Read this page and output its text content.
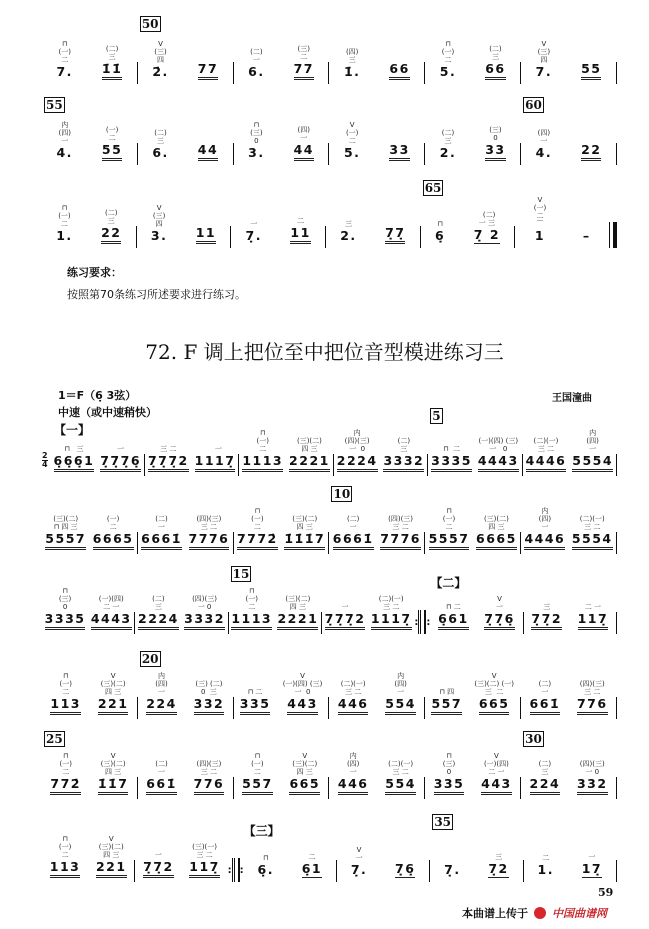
练习要求：
按照第70条练习所述要求进行练习。
72. F 调上把位至中把位音型模进练习三
1＝F（6̣ 3弦）	王国潼曲
中速（或中速稍快）
【一】
⊓
(一)
二
7.
(二)
三
1̇1̇
50
V
(三)
四
2̇. 77
(二)
一
6.
(三)
二
77
(四)
三
1̇. 66
⊓
(一)
二
5.
(二)
三
66
V
(三)
四
7. 55
55
内
(四)
一
4.
(一)
二
55
(二)
三
6. 44
⊓
(三)
0
3.
(四)
一
44
V
(一)
二
5. 33
(二)
三
2.
(三)
0
33
60
(四)
一
4. 22
⊓
(一)
二
1.
(二)
三
22
V
(三)
四
3. 11
一
7̣.
二
11
三
2. 7̣7̣
65
⊓
6̣
(二)
一 三
7̣ 2
V
(一)
二
⌒
1	–
$\frac{2}{4}$
⊓   三
6̣6̣6̣1
一
7̣7̣7̣6̣
三 二
7̣7̣7̣2
一
1117̣
⊓
(一)
二
1113
(三)(二)
四 三
2221
内
(四)(三)
一  0
2224
(二)
三
3332
5
⊓  二
3335
(一)(四) (三)
一   0
4443
(二)(一)
三 二
4446
内
(四)
一
5554
(三)(二)
⊓ 四 三
5557
(一)
二
6665
(二)
一
6661̇
(四)(三)
三 二
7776
⊓
(一)
二
7772̇
(三)(二)
四 三
1̇1̇1̇7
10
(二)
一
6661̇
(四)(三)
三 二
7776
⊓
(一)
二
5557
(三)(二)
四 三
6665
内
(四)
一
4446
(二)(一)
三 二
5554
⊓
(三)
0
3335
(一)(四)
二 一
4443
(二)
三
2224
(四)(三)
一 0
3332
15
⊓
(一)
二
1113
(三)(二)
四 三
2221
一
7̣7̣7̣2
(二)(一)
三 二
1117̣ : :
【二】
⊓ 二
6̣61
V
一
7̣7̣6̣
三
7̣7̣2
二 一
117̣
⊓
(一)
二
113
V
(三)(二)
四 三
221
20
内
(四)
一
224
(三) (二)
0  三
332
⊓ 二
335
V
(一)(四) (三)
一  0
443
(二)(一)
三 二
446
内
(四)
一
554
⊓ 四
557
V
(三)(二) (一)
三  二
665
(二)
一
661̇
(四)(三)
三 二
776
25
⊓
(一)
二
772̇
V
(三)(二)
四 三
1̇1̇7
(二)
一
661̇
(四)(三)
三 二
776
⊓
(一)
二
557
V
(三)(二)
四 三
665
内
(四)
一
446
(二)(一)
三 二
554
⊓
(三)
0
335
V
(一)(四)
二 一
443
30
(二)
三
224
(四)(三)
一 0
332
⊓
(一)
二
113
V
(三)(二)
四 三
221
一
7̣7̣2
(三)(一)
三 二
117̣ : :
【三】
⊓
6̣.
二
6̣1
V
一
7̣. 7̣6̣
35
7̣.
三
7̣2
二
1.
一
17̣
59
本曲谱上传于 中国曲谱网
